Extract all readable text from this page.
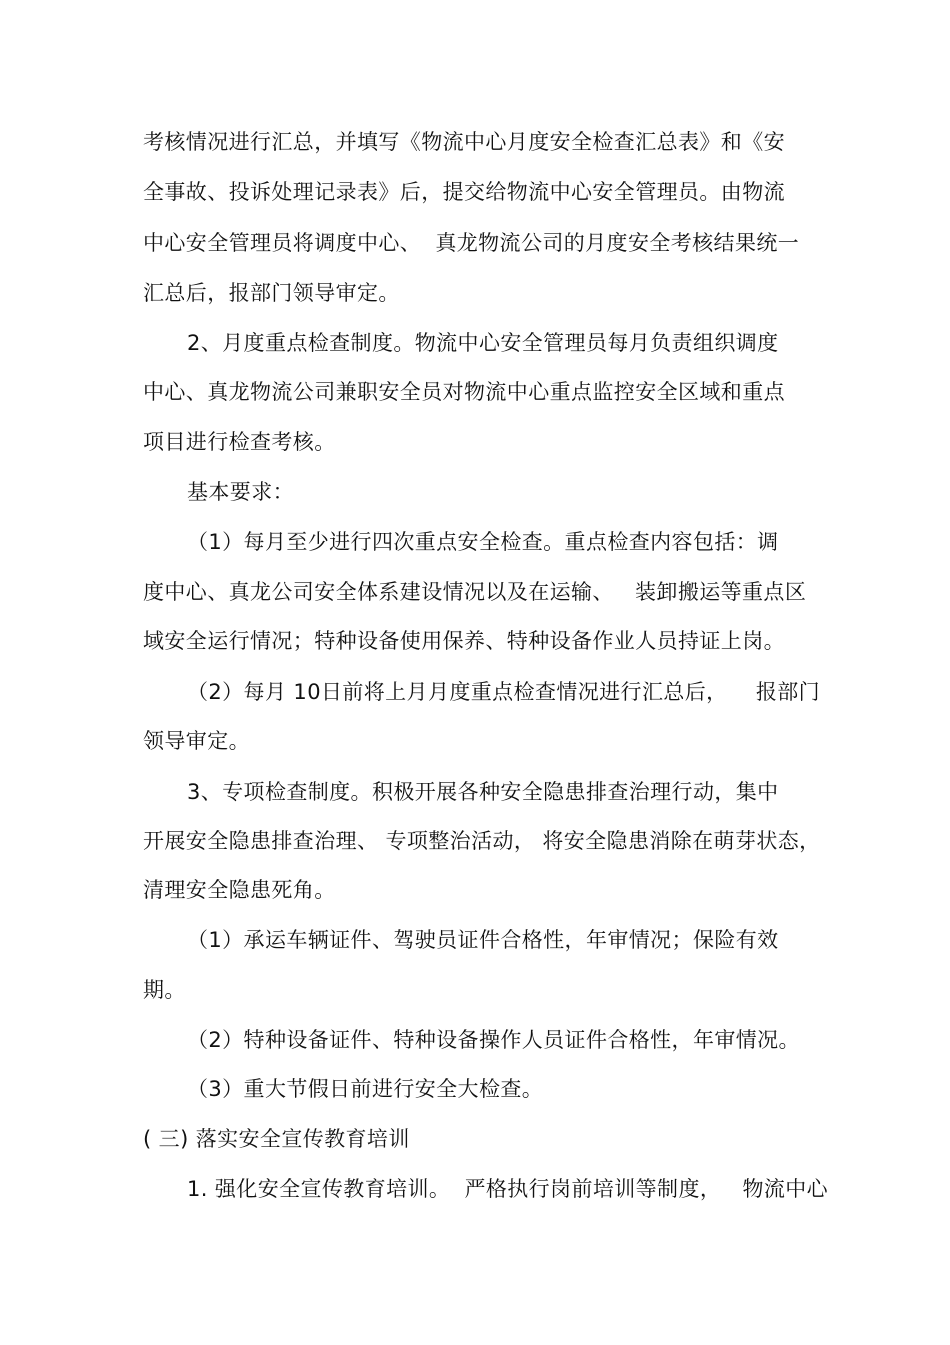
考核情况进行汇总，并填写《物流中心月度安全检查汇总表》和《安
全事故、投诉处理记录表》后，提交给物流中心安全管理员。由物流
中心安全管理员将调度中心、  真龙物流公司的月度安全考核结果统一
汇总后，报部门领导审定。
2、月度重点检查制度。物流中心安全管理员每月负责组织调度
中心、真龙物流公司兼职安全员对物流中心重点监控安全区域和重点
项目进行检查考核。
基本要求：
（1）每月至少进行四次重点安全检查。重点检查内容包括：调
度中心、真龙公司安全体系建设情况以及在运输、   装卸搬运等重点区
域安全运行情况；特种设备使用保养、特种设备作业人员持证上岗。
（2）每月 10日前将上月月度重点检查情况进行汇总后，    报部门
领导审定。
3、专项检查制度。积极开展各种安全隐患排查治理行动，集中
开展安全隐患排查治理、 专项整治活动， 将安全隐患消除在萌芽状态，
清理安全隐患死角。
（1）承运车辆证件、驾驶员证件合格性，年审情况；保险有效
期。
（2）特种设备证件、特种设备操作人员证件合格性，年审情况。
（3）重大节假日前进行安全大检查。
( 三) 落实安全宣传教育培训
1. 强化安全宣传教育培训。  严格执行岗前培训等制度，   物流中心
